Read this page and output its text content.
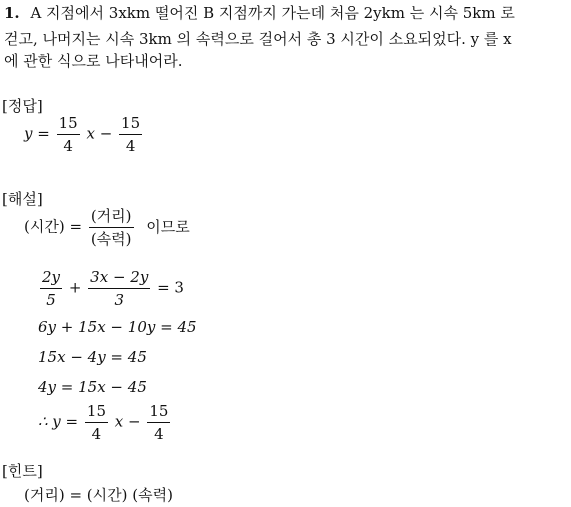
1. A 지점에서 3xkm 떨어진 B 지점까지 가는데 처음 2ykm 는 시속 5km 로
걷고, 나머지는 시속 3km 의 속력으로 걸어서 총 3 시간이 소요되었다. y 를 x
에 관한 식으로 나타내어라.
[정답]
$y = \frac{15}{4}$ $x - \frac{15}{4}$
[해설]
(시간) = $\frac{\text{(거리)}}{\text{(속력)}}$ 이므로
$\frac{2y}{5} + \frac{3x - 2y}{3} = 3$
6y + 15x − 10y = 45
15x − 4y = 45
4y = 15x − 45
∴ $y = \frac{15}{4}$ $x - \frac{15}{4}$
[힌트]
(거리) = (시간) (속력)
